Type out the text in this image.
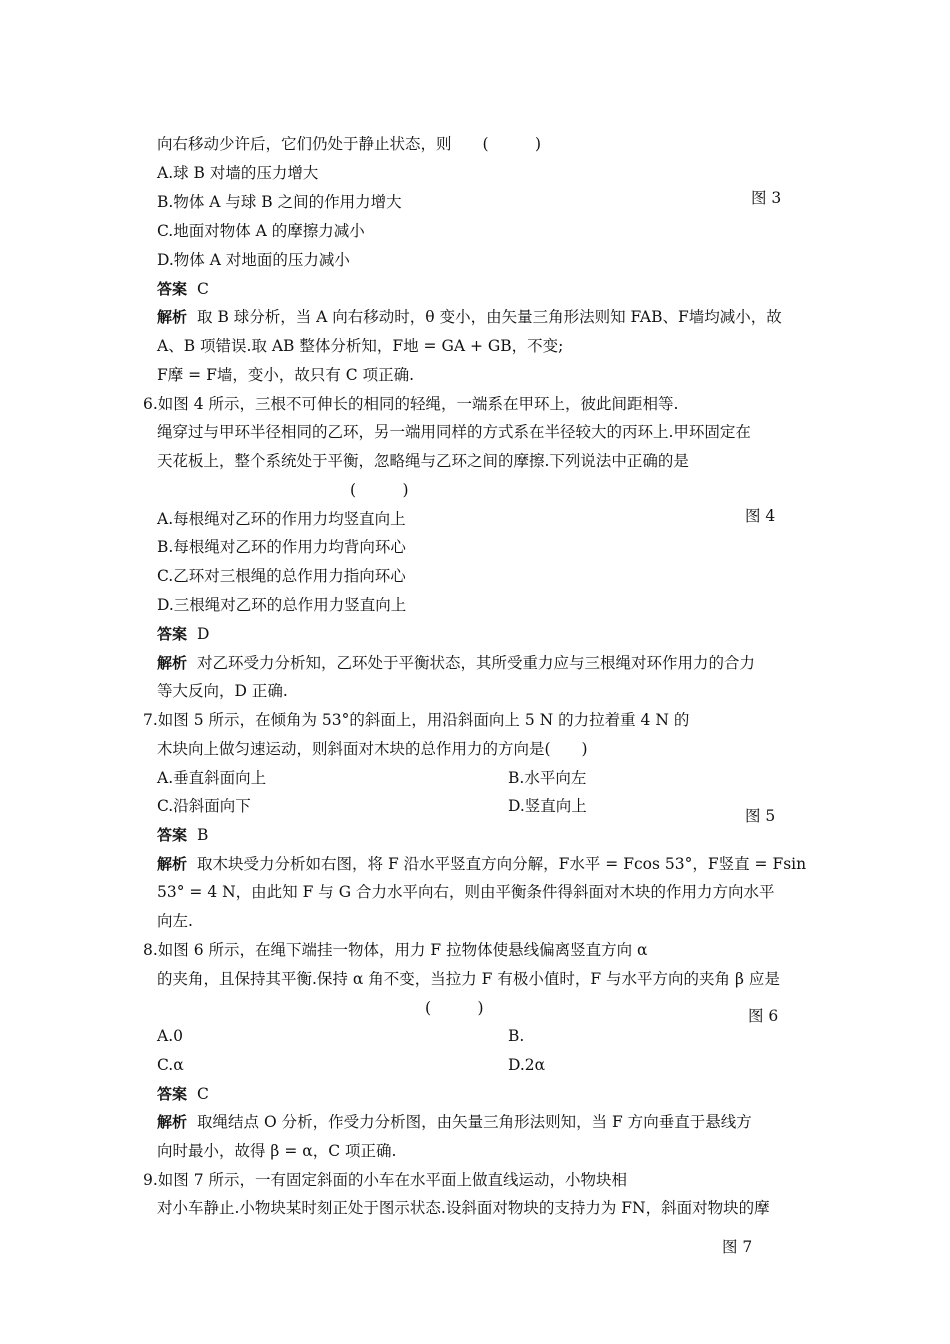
向右移动少许后，它们仍处于静止状态，则　　(　　　)
A.球 B 对墙的压力增大
B.物体 A 与球 B 之间的作用力增大	图 3
C.地面对物体 A 的摩擦力减小
D.物体 A 对地面的压力减小
答案 C
解析 取 B 球分析，当 A 向右移动时，θ 变小，由矢量三角形法则知 FAB、F墙均减小，故
A、B 项错误.取 AB 整体分析知，F地 = GA + GB，不变;
F摩 = F墙，变小，故只有 C 项正确.
6.如图 4 所示，三根不可伸长的相同的轻绳，一端系在甲环上，彼此间距相等.
绳穿过与甲环半径相同的乙环，另一端用同样的方式系在半径较大的丙环上.甲环固定在
天花板上，整个系统处于平衡，忽略绳与乙环之间的摩擦.下列说法中正确的是
(　　　)
A.每根绳对乙环的作用力均竖直向上	图 4
B.每根绳对乙环的作用力均背向环心
C.乙环对三根绳的总作用力指向环心
D.三根绳对乙环的总作用力竖直向上
答案 D
解析 对乙环受力分析知，乙环处于平衡状态，其所受重力应与三根绳对环作用力的合力
等大反向，D 正确.
7.如图 5 所示，在倾角为 53°的斜面上，用沿斜面向上 5 N 的力拉着重 4 N 的
木块向上做匀速运动，则斜面对木块的总作用力的方向是(　　)
A.垂直斜面向上	B.水平向左
C.沿斜面向下	D.竖直向上
图 5
答案 B
解析 取木块受力分析如右图，将 F 沿水平竖直方向分解，F水平 = Fcos 53°，F竖直 = Fsin
53° = 4 N，由此知 F 与 G 合力水平向右，则由平衡条件得斜面对木块的作用力方向水平
向左.
8.如图 6 所示，在绳下端挂一物体，用力 F 拉物体使悬线偏离竖直方向 α
的夹角，且保持其平衡.保持 α 角不变，当拉力 F 有极小值时，F 与水平方向的夹角 β 应是
(　　　)	图 6
A.0	B.
C.α	D.2α
答案 C
解析 取绳结点 O 分析，作受力分析图，由矢量三角形法则知，当 F 方向垂直于悬线方
向时最小，故得 β = α，C 项正确.
9.如图 7 所示，一有固定斜面的小车在水平面上做直线运动，小物块相
对小车静止.小物块某时刻正处于图示状态.设斜面对物块的支持力为 FN，斜面对物块的摩
图 7
